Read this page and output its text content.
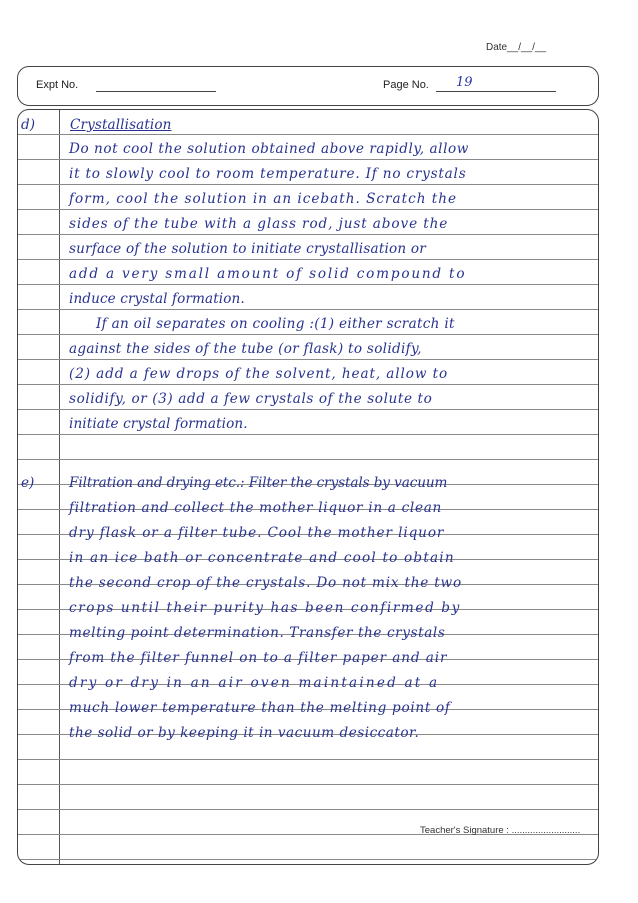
Date__/__/__
Expt No.	Page No. 19
d)	Crystallisation
Do not cool the solution obtained above rapidly, allow
it to slowly cool to room temperature. If no crystals
form, cool the solution in an icebath. Scratch the
sides of the tube with a glass rod, just above the
surface of the solution to initiate crystallisation or
add a very small amount of solid compound to
induce crystal formation.
If an oil separates on cooling :(1) either scratch it
against the sides of the tube (or flask) to solidify,
(2) add a few drops of the solvent, heat, allow to
solidify, or (3) add a few crystals of the solute to
initiate crystal formation.
e)	Filtration and drying etc.: Filter the crystals by vacuum
filtration and collect the mother liquor in a clean
dry flask or a filter tube. Cool the mother liquor
in an ice bath or concentrate and cool to obtain
the second crop of the crystals. Do not mix the two
crops until their purity has been confirmed by
melting point determination. Transfer the crystals
from the filter funnel on to a filter paper and air
dry or dry in an air oven maintained at a
much lower temperature than the melting point of
the solid or by keeping it in vacuum desiccator.
Teacher's Signature : ..........................
